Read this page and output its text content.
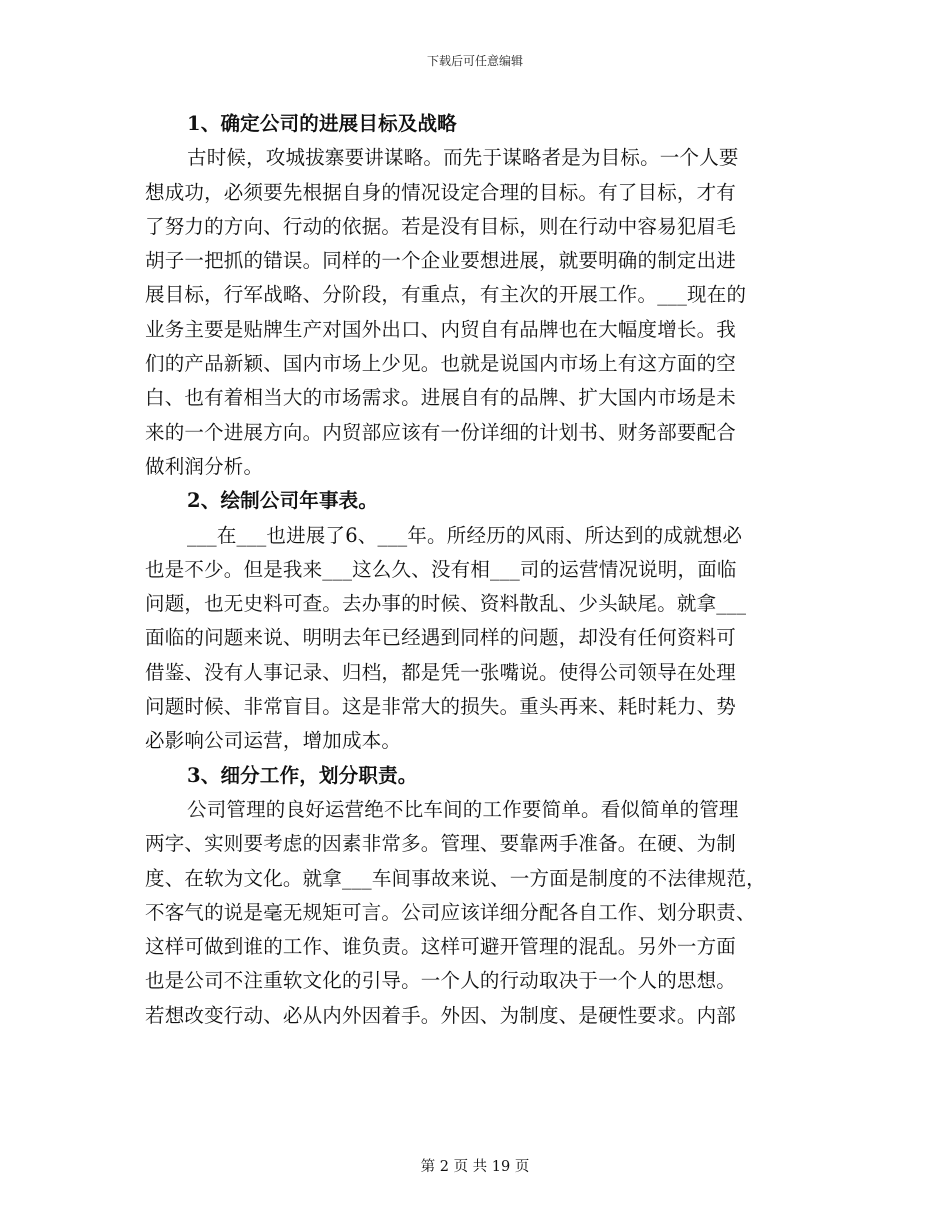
下载后可任意编辑
1、确定公司的进展目标及战略
古时候，攻城拔寨要讲谋略。而先于谋略者是为目标。一个人要
想成功，必须要先根据自身的情况设定合理的目标。有了目标，才有
了努力的方向、行动的依据。若是没有目标，则在行动中容易犯眉毛
胡子一把抓的错误。同样的一个企业要想进展，就要明确的制定出进
展目标，行军战略、分阶段，有重点，有主次的开展工作。___现在的
业务主要是贴牌生产对国外出口、内贸自有品牌也在大幅度增长。我
们的产品新颖、国内市场上少见。也就是说国内市场上有这方面的空
白、也有着相当大的市场需求。进展自有的品牌、扩大国内市场是未
来的一个进展方向。内贸部应该有一份详细的计划书、财务部要配合
做利润分析。
2、绘制公司年事表。
___在___也进展了6、___年。所经历的风雨、所达到的成就想必
也是不少。但是我来___这么久、没有相___司的运营情况说明，面临
问题，也无史料可查。去办事的时候、资料散乱、少头缺尾。就拿___
面临的问题来说、明明去年已经遇到同样的问题，却没有任何资料可
借鉴、没有人事记录、归档，都是凭一张嘴说。使得公司领导在处理
问题时候、非常盲目。这是非常大的损失。重头再来、耗时耗力、势
必影响公司运营，增加成本。
3、细分工作，划分职责。
公司管理的良好运营绝不比车间的工作要简单。看似简单的管理
两字、实则要考虑的因素非常多。管理、要靠两手准备。在硬、为制
度、在软为文化。就拿___车间事故来说、一方面是制度的不法律规范，
不客气的说是毫无规矩可言。公司应该详细分配各自工作、划分职责、
这样可做到谁的工作、谁负责。这样可避开管理的混乱。另外一方面
也是公司不注重软文化的引导。一个人的行动取决于一个人的思想。
若想改变行动、必从内外因着手。外因、为制度、是硬性要求。内部
第 2 页 共 19 页
